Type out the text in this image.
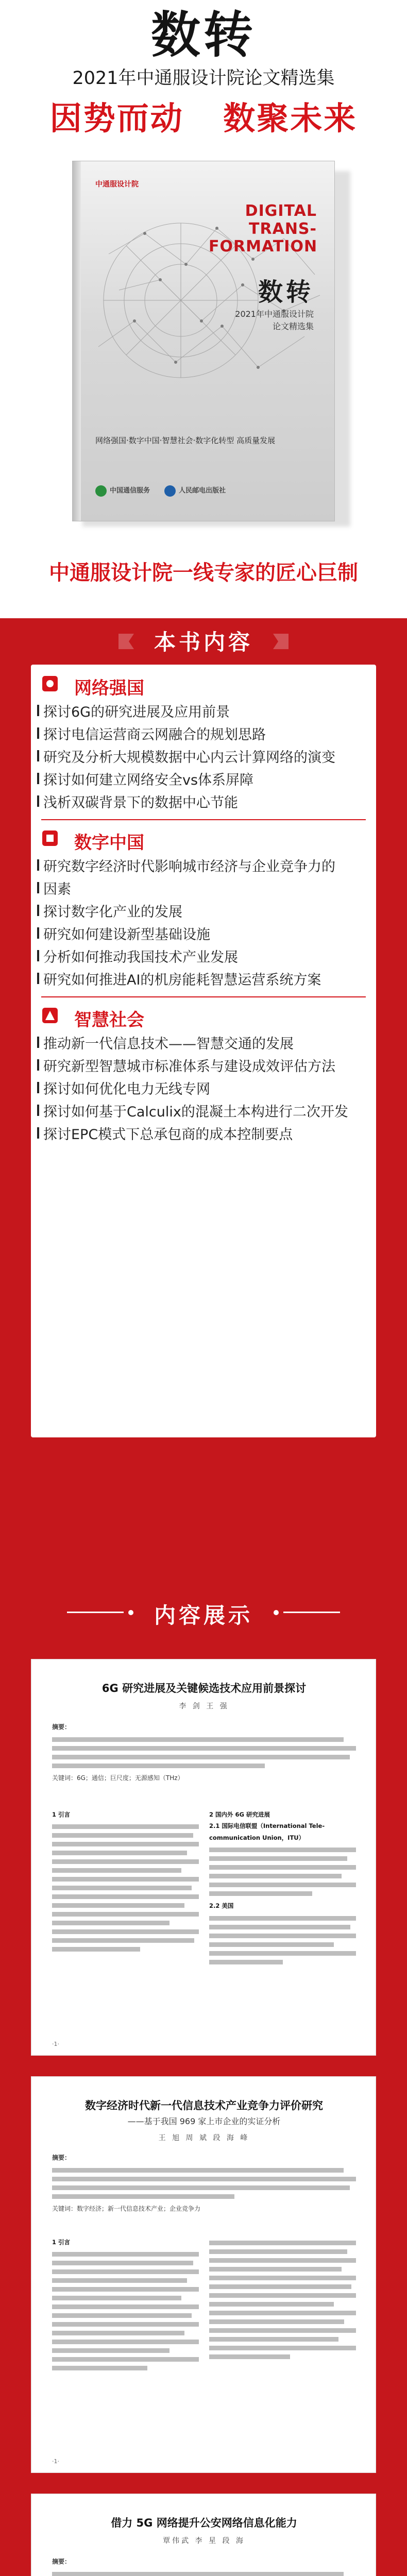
数转
2021年中通服设计院论文精选集
因势而动 数聚未来
中通服设计院
DIGITAL
TRANS-
FORMATION
数转
2021年中通服设计院
论文精选集
网络强国·数字中国·智慧社会·数字化转型 高质量发展
中国通信服务	人民邮电出版社
中通服设计院一线专家的匠心巨制
本书内容
网络强国
探讨6G的研究进展及应用前景
探讨电信运营商云网融合的规划思路
研究及分析大规模数据中心内云计算网络的演变
探讨如何建立网络安全vs体系屏障
浅析双碳背景下的数据中心节能
数字中国
研究数字经济时代影响城市经济与企业竞争力的
因素
探讨数字化产业的发展
研究如何建设新型基础设施
分析如何推动我国技术产业发展
研究如何推进AI的机房能耗智慧运营系统方案
智慧社会
推动新一代信息技术——智慧交通的发展
研究新型智慧城市标准体系与建设成效评估方法
探讨如何优化电力无线专网
探讨如何基于Calculix的混凝土本构进行二次开发
探讨EPC模式下总承包商的成本控制要点
内容展示
6G 研究进展及关键候选技术应用前景探讨
李 剑 王 强
摘要：
关键词：6G；通信；巨尺度；无源感知（THz）
1 引言	2 国内外 6G 研究进展
2.1 国际电信联盟（International Tele-communication Union，ITU）
2.2 美国
·1·
数字经济时代新一代信息技术产业竞争力评价研究
——基于我国 969 家上市企业的实证分析
王 旭 周 斌 段 海 峰
摘要：
关键词：数字经济；新一代信息技术产业；企业竞争力
1 引言
·1·
借力 5G 网络提升公安网络信息化能力
覃伟武 李 星 段 海
摘要：
